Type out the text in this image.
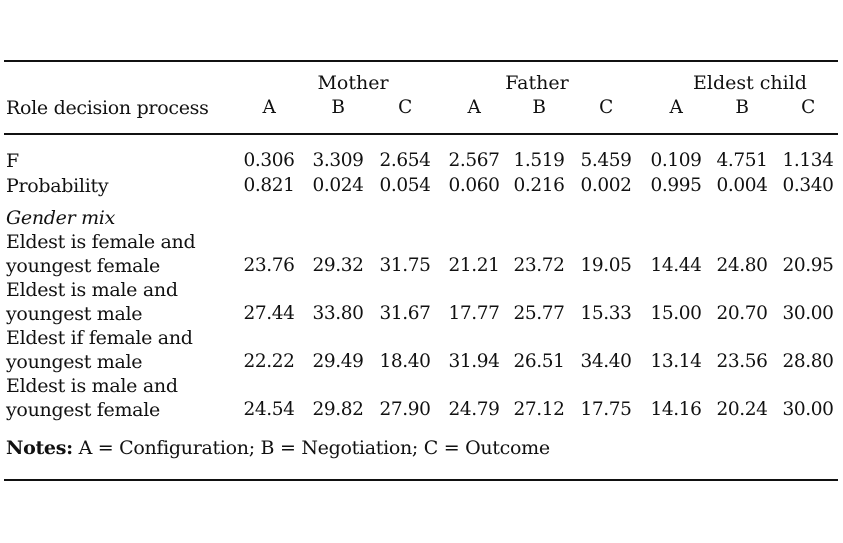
Mother	Father	Eldest child
Role decision process	A	B	C	A	B	C	A	B	C
F	0.306 3.309 2.654 2.567 1.519 5.459	0.109 4.751 1.134
Probability	0.821 0.024 0.054 0.060 0.216 0.002	0.995 0.004 0.340
Gender mix
Eldest is female and
youngest female	23.76 29.32 31.75 21.21 23.72 19.05	14.44 24.80 20.95
Eldest is male and
youngest male	27.44 33.80 31.67 17.77 25.77 15.33	15.00 20.70 30.00
Eldest if female and
youngest male	22.22 29.49 18.40 31.94 26.51 34.40	13.14 23.56 28.80
Eldest is male and
youngest female	24.54 29.82 27.90 24.79 27.12 17.75	14.16 20.24 30.00
Notes: A = Configuration; B = Negotiation; C = Outcome
